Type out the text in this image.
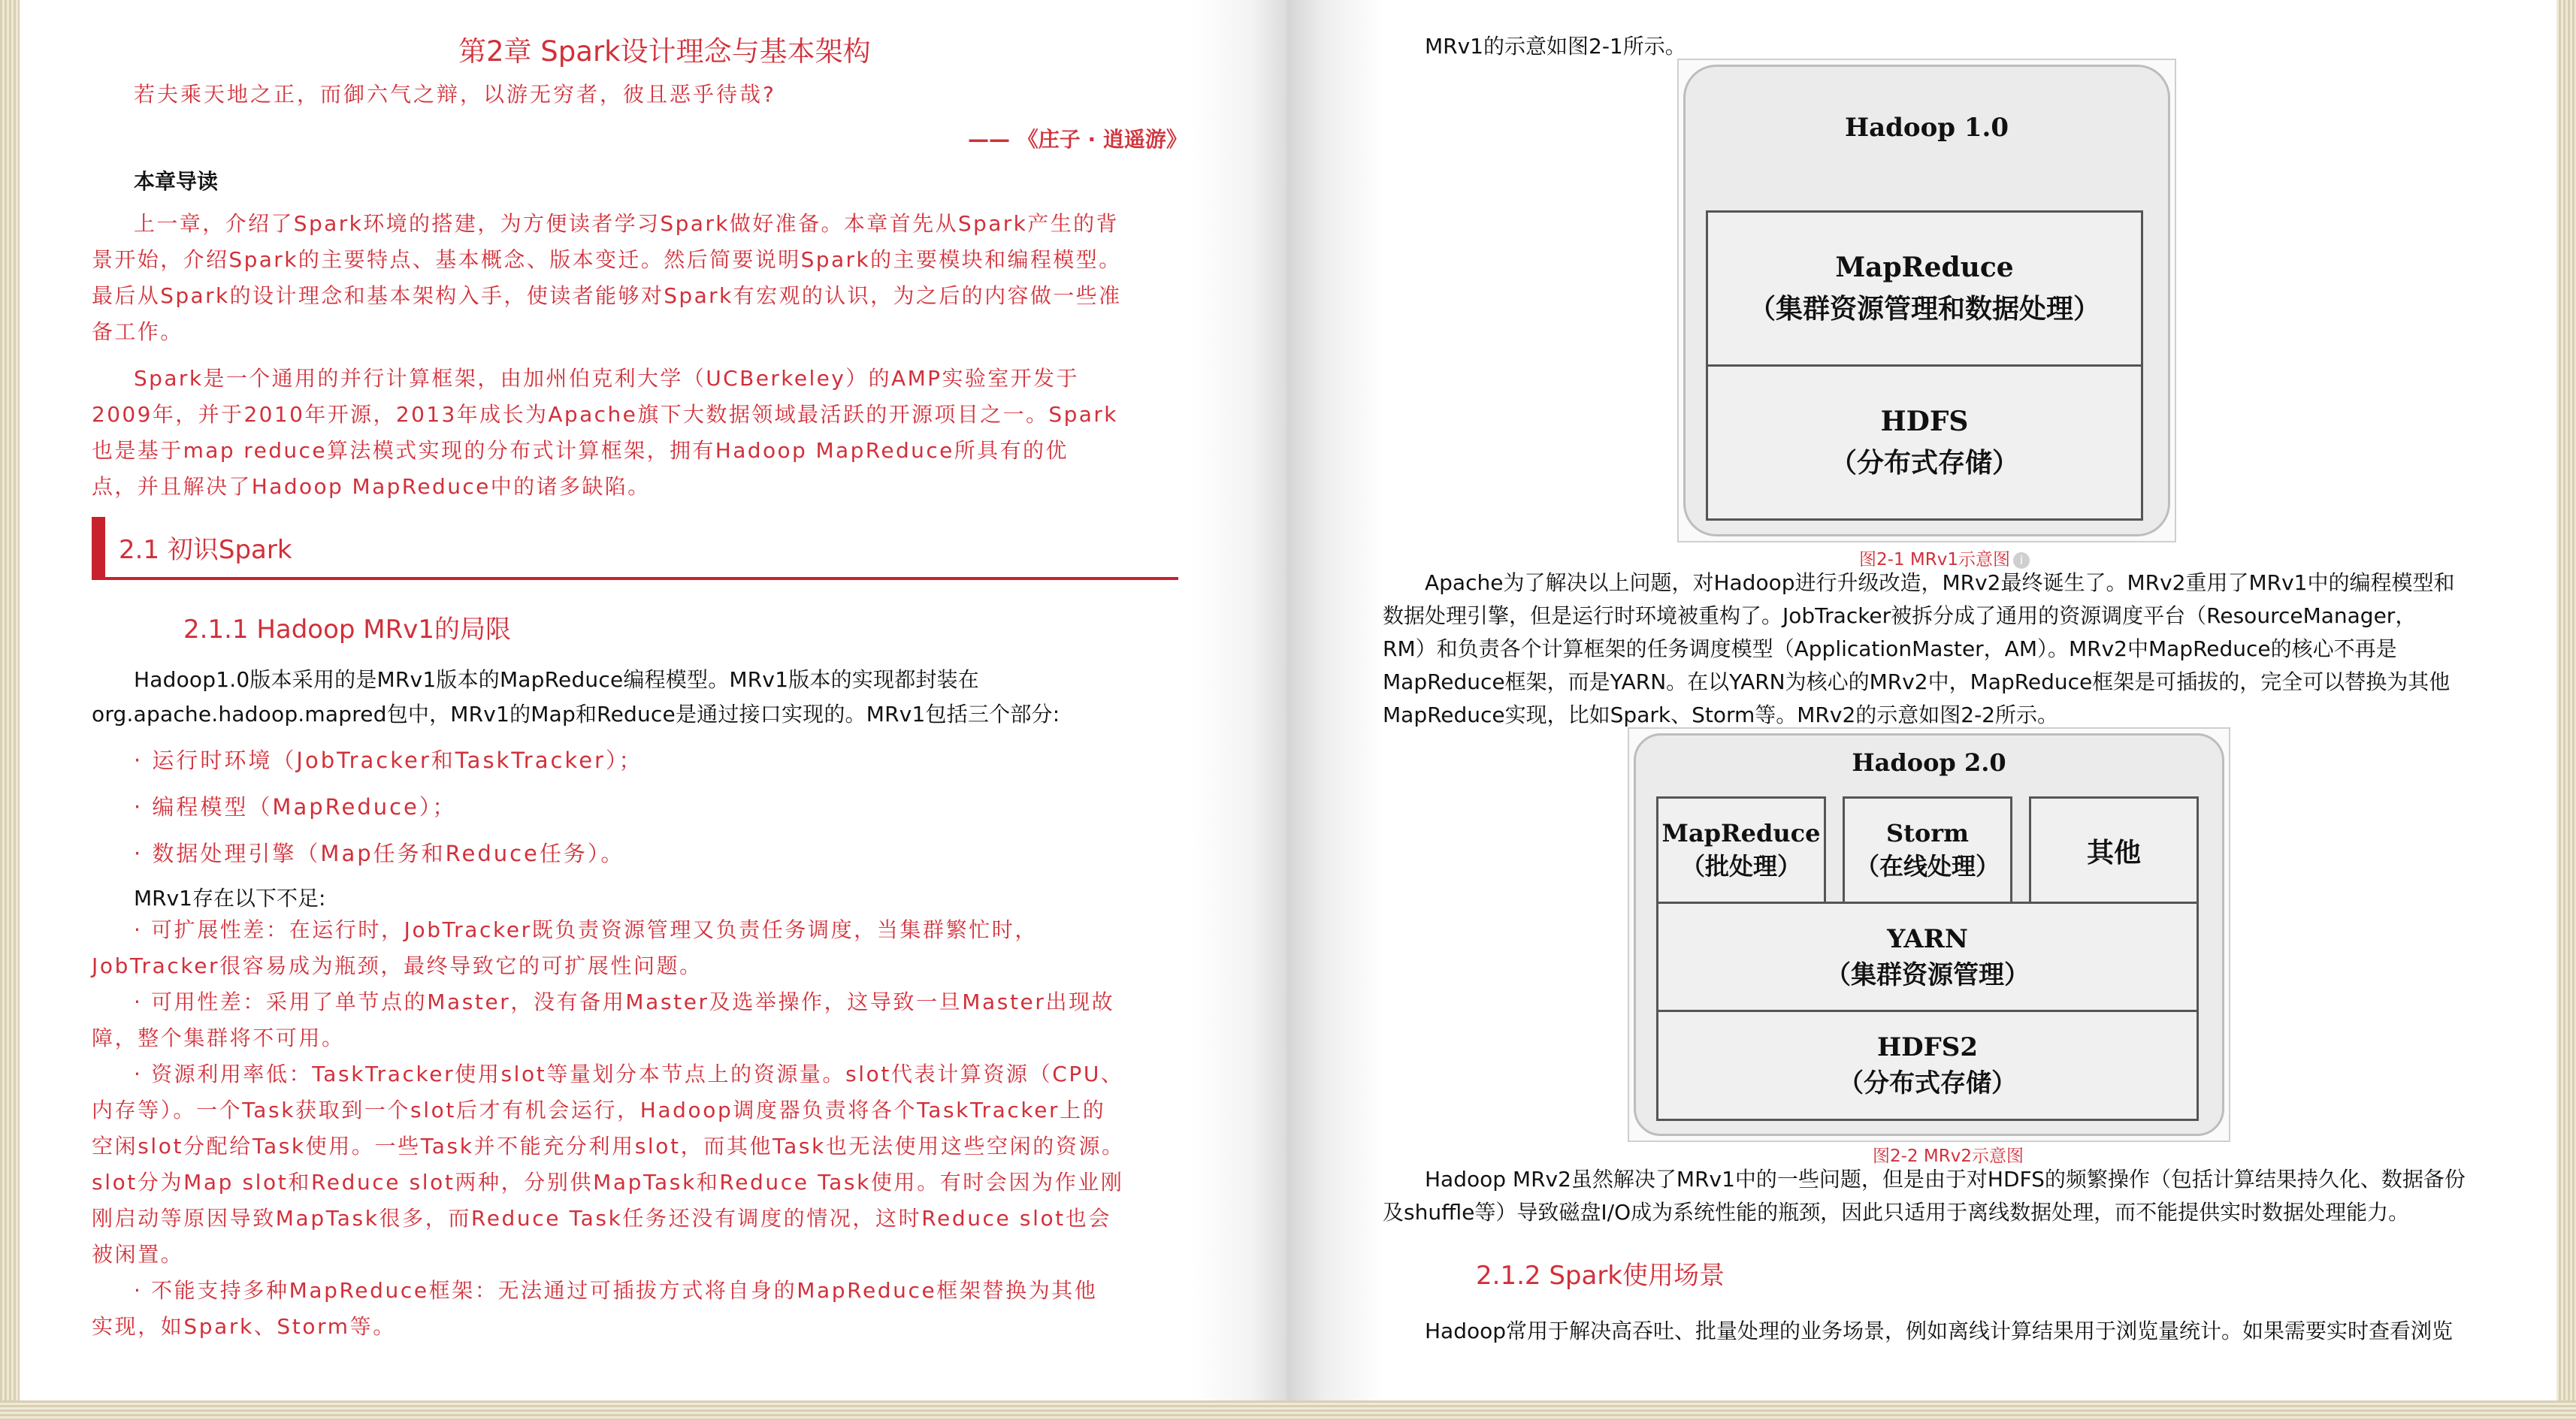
第2章 Spark设计理念与基本架构
若夫乘天地之正，而御六气之辩，以游无穷者，彼且恶乎待哉?
—— 《庄子 · 逍遥游》
本章导读
上一章，介绍了Spark环境的搭建，为方便读者学习Spark做好准备。本章首先从Spark产生的背
景开始，介绍Spark的主要特点、基本概念、版本变迁。然后简要说明Spark的主要模块和编程模型。
最后从Spark的设计理念和基本架构入手，使读者能够对Spark有宏观的认识，为之后的内容做一些准
备工作。
Spark是一个通用的并行计算框架，由加州伯克利大学（UCBerkeley）的AMP实验室开发于
2009年，并于2010年开源，2013年成长为Apache旗下大数据领域最活跃的开源项目之一。Spark
也是基于map reduce算法模式实现的分布式计算框架，拥有Hadoop MapReduce所具有的优
点，并且解决了Hadoop MapReduce中的诸多缺陷。
2.1 初识Spark
2.1.1 Hadoop MRv1的局限
Hadoop1.0版本采用的是MRv1版本的MapReduce编程模型。MRv1版本的实现都封装在
org.apache.hadoop.mapred包中，MRv1的Map和Reduce是通过接口实现的。MRv1包括三个部分:
· 运行时环境（JobTracker和TaskTracker）；
· 编程模型（MapReduce）；
· 数据处理引擎（Map任务和Reduce任务）。
MRv1存在以下不足:
· 可扩展性差：在运行时，JobTracker既负责资源管理又负责任务调度，当集群繁忙时，
JobTracker很容易成为瓶颈，最终导致它的可扩展性问题。
· 可用性差：采用了单节点的Master，没有备用Master及选举操作，这导致一旦Master出现故
障，整个集群将不可用。
· 资源利用率低：TaskTracker使用slot等量划分本节点上的资源量。slot代表计算资源（CPU、
内存等）。一个Task获取到一个slot后才有机会运行，Hadoop调度器负责将各个TaskTracker上的
空闲slot分配给Task使用。一些Task并不能充分利用slot，而其他Task也无法使用这些空闲的资源。
slot分为Map slot和Reduce slot两种，分别供MapTask和Reduce Task使用。有时会因为作业刚
刚启动等原因导致MapTask很多，而Reduce Task任务还没有调度的情况，这时Reduce slot也会
被闲置。
· 不能支持多种MapReduce框架：无法通过可插拔方式将自身的MapReduce框架替换为其他
实现，如Spark、Storm等。
MRv1的示意如图2-1所示。
Hadoop 1.0
MapReduce
（集群资源管理和数据处理）
HDFS
（分布式存储）
图2-1 MRv1示意图 i
Apache为了解决以上问题，对Hadoop进行升级改造，MRv2最终诞生了。MRv2重用了MRv1中的编程模型和
数据处理引擎，但是运行时环境被重构了。JobTracker被拆分成了通用的资源调度平台（ResourceManager，
RM）和负责各个计算框架的任务调度模型（ApplicationMaster，AM）。MRv2中MapReduce的核心不再是
MapReduce框架，而是YARN。在以YARN为核心的MRv2中，MapReduce框架是可插拔的，完全可以替换为其他
MapReduce实现，比如Spark、Storm等。MRv2的示意如图2-2所示。
Hadoop 2.0
MapReduce
（批处理）
Storm
（在线处理）	其他
YARN
（集群资源管理）
HDFS2
（分布式存储）
图2-2 MRv2示意图
Hadoop MRv2虽然解决了MRv1中的一些问题，但是由于对HDFS的频繁操作（包括计算结果持久化、数据备份
及shuffle等）导致磁盘I/O成为系统性能的瓶颈，因此只适用于离线数据处理，而不能提供实时数据处理能力。
2.1.2 Spark使用场景
Hadoop常用于解决高吞吐、批量处理的业务场景，例如离线计算结果用于浏览量统计。如果需要实时查看浏览
